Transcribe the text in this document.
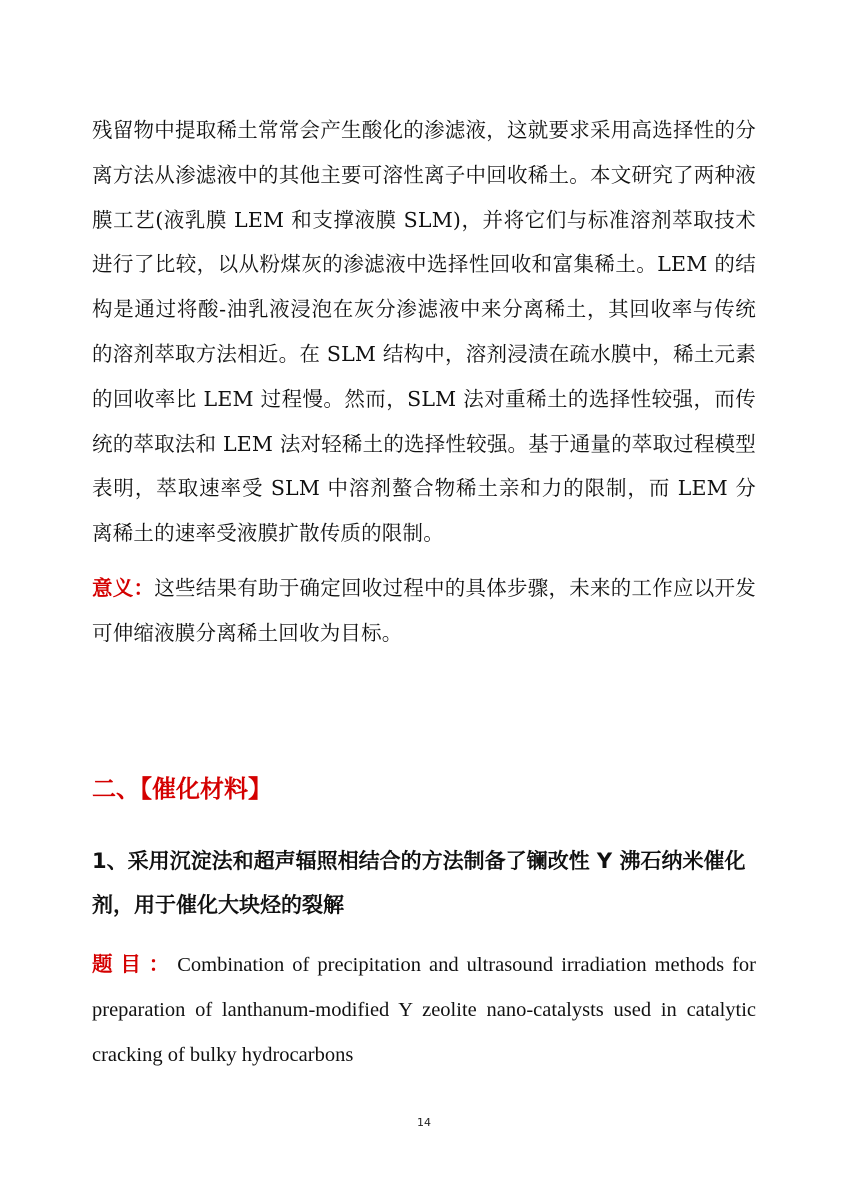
残留物中提取稀土常常会产生酸化的渗滤液，这就要求采用高选择性的分离方法从渗滤液中的其他主要可溶性离子中回收稀土。本文研究了两种液膜工艺(液乳膜 LEM 和支撑液膜 SLM)，并将它们与标准溶剂萃取技术进行了比较，以从粉煤灰的渗滤液中选择性回收和富集稀土。LEM 的结构是通过将酸-油乳液浸泡在灰分渗滤液中来分离稀土，其回收率与传统的溶剂萃取方法相近。在 SLM 结构中，溶剂浸渍在疏水膜中，稀土元素的回收率比 LEM 过程慢。然而，SLM 法对重稀土的选择性较强，而传统的萃取法和 LEM 法对轻稀土的选择性较强。基于通量的萃取过程模型表明，萃取速率受 SLM 中溶剂螯合物稀土亲和力的限制，而 LEM 分离稀土的速率受液膜扩散传质的限制。

意义：这些结果有助于确定回收过程中的具体步骤，未来的工作应以开发可伸缩液膜分离稀土回收为目标。

二、【催化材料】
1、采用沉淀法和超声辐照相结合的方法制备了镧改性 Y 沸石纳米催化剂，用于催化大块烃的裂解

题目：Combination of precipitation and ultrasound irradiation methods for preparation of lanthanum-modified Y zeolite nano-catalysts used in catalytic cracking of bulky hydrocarbons

14
